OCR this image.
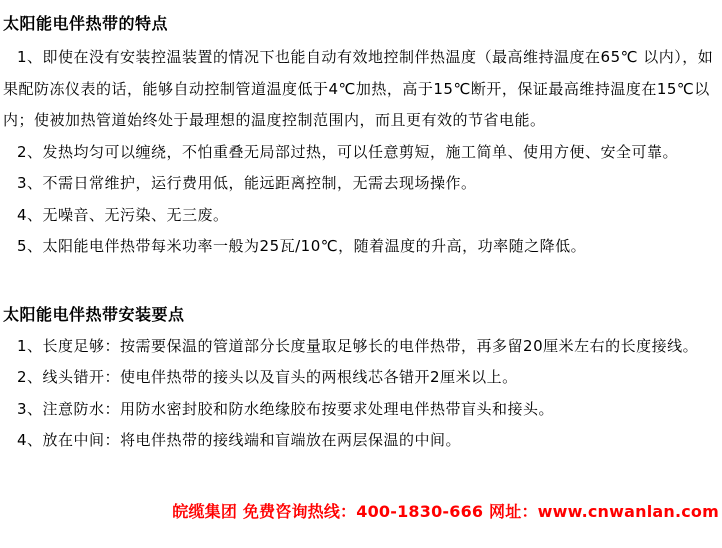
太阳能电伴热带的特点

1、即使在没有安装控温装置的情况下也能自动有效地控制伴热温度（最高维持温度在65℃ 以内），如果配防冻仪表的话，能够自动控制管道温度低于4℃加热，高于15℃断开，保证最高维持温度在15℃以内；使被加热管道始终处于最理想的温度控制范围内，而且更有效的节省电能。

2、发热均匀可以缠绕，不怕重叠无局部过热，可以任意剪短，施工简单、使用方便、安全可靠。

3、不需日常维护，运行费用低，能远距离控制，无需去现场操作。

4、无噪音、无污染、无三废。

5、太阳能电伴热带每米功率一般为25瓦/10℃，随着温度的升高，功率随之降低。

太阳能电伴热带安装要点

1、长度足够：按需要保温的管道部分长度量取足够长的电伴热带，再多留20厘米左右的长度接线。

2、线头错开：使电伴热带的接头以及盲头的两根线芯各错开2厘米以上。

3、注意防水：用防水密封胶和防水绝缘胶布按要求处理电伴热带盲头和接头。

4、放在中间：将电伴热带的接线端和盲端放在两层保温的中间。

皖缆集团 免费咨询热线：400-1830-666 网址：www.cnwanlan.com
